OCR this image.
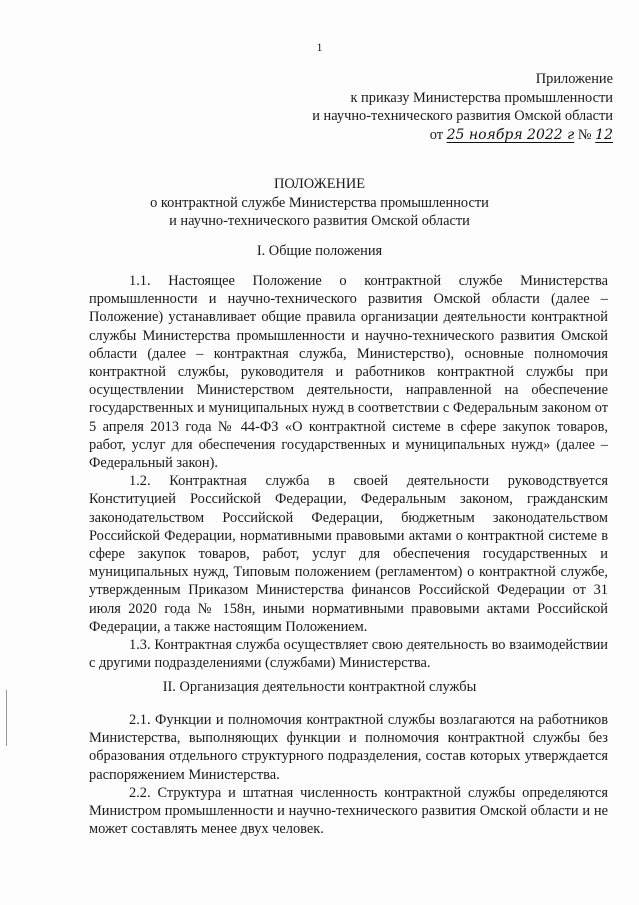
1
Приложение
к приказу Министерства промышленности
и научно-технического развития Омской области
от 25 ноября 2022 г № 12
ПОЛОЖЕНИЕ
о контрактной службе Министерства промышленности
и научно-технического развития Омской области
I. Общие положения

1.1. Настоящее Положение о контрактной службе Министерства промышленности и научно-технического развития Омской области (далее – Положение) устанавливает общие правила организации деятельности контрактной службы Министерства промышленности и научно-технического развития Омской области (далее – контрактная служба, Министерство), основные полномочия контрактной службы, руководителя и работников контрактной службы при осуществлении Министерством деятельности, направленной на обеспечение государственных и муниципальных нужд в соответствии с Федеральным законом от 5 апреля 2013 года № 44-ФЗ «О контрактной системе в сфере закупок товаров, работ, услуг для обеспечения государственных и муниципальных нужд» (далее – Федеральный закон).

1.2. Контрактная служба в своей деятельности руководствуется Конституцией Российской Федерации, Федеральным законом, гражданским законодательством Российской Федерации, бюджетным законодательством Российской Федерации, нормативными правовыми актами о контрактной системе в сфере закупок товаров, работ, услуг для обеспечения государственных и муниципальных нужд, Типовым положением (регламентом) о контрактной службе, утвержденным Приказом Министерства финансов Российской Федерации от 31 июля 2020 года № 158н, иными нормативными правовыми актами Российской Федерации, а также настоящим Положением.

1.3. Контрактная служба осуществляет свою деятельность во взаимодействии с другими подразделениями (службами) Министерства.

II. Организация деятельности контрактной службы

2.1. Функции и полномочия контрактной службы возлагаются на работников Министерства, выполняющих функции и полномочия контрактной службы без образования отдельного структурного подразделения, состав которых утверждается распоряжением Министерства.

2.2. Структура и штатная численность контрактной службы определяются Министром промышленности и научно-технического развития Омской области и не может составлять менее двух человек.
